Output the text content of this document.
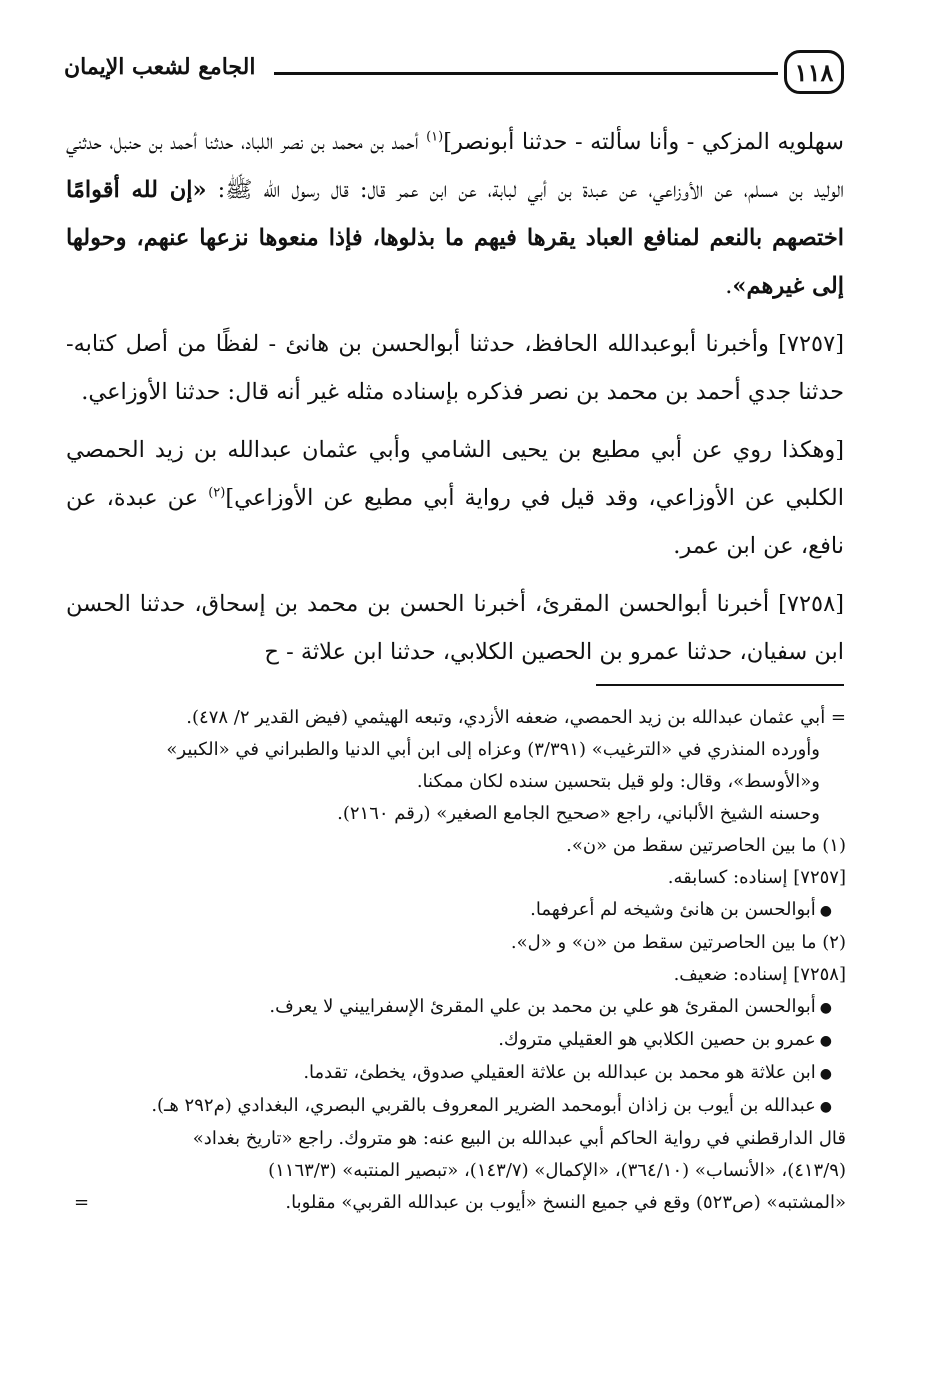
١١٨
الجامع لشعب الإيمان

سهلويه المزكي - وأنا سألته - حدثنا أبونصر]$^{(١)}$ أحمد بن محمد بن نصر اللباد، حدثنا أحمد بن حنبل، حدثني الوليد بن مسلم، عن الأوزاعي، عن عبدة بن أبي لبابة، عن ابن عمر قال: قال رسول الله ﷺ: «إن لله أقوامًا اختصهم بالنعم لمنافع العباد يقرها فيهم ما بذلوها، فإذا منعوها نزعها عنهم، وحولها إلى غيرهم».

[٧٢٥٧] وأخبرنا أبوعبدالله الحافظ، حدثنا أبوالحسن بن هانئ - لفظًا من أصل كتابه- حدثنا جدي أحمد بن محمد بن نصر فذكره بإسناده مثله غير أنه قال: حدثنا الأوزاعي.

[وهكذا روي عن أبي مطيع بن يحيى الشامي وأبي عثمان عبدالله بن زيد الحمصي الكلبي عن الأوزاعي، وقد قيل في رواية أبي مطيع عن الأوزاعي]$^{(٢)}$ عن عبدة، عن نافع، عن ابن عمر.

[٧٢٥٨] أخبرنا أبوالحسن المقرئ، أخبرنا الحسن بن محمد بن إسحاق، حدثنا الحسن ابن سفيان، حدثنا عمرو بن الحصين الكلابي، حدثنا ابن علاثة - ح

= أبي عثمان عبدالله بن زيد الحمصي، ضعفه الأزدي، وتبعه الهيثمي (فيض القدير ٢/ ٤٧٨).

وأورده المنذري في «الترغيب» (٣/٣٩١) وعزاه إلى ابن أبي الدنيا والطبراني في «الكبير»

و«الأوسط»، وقال: ولو قيل بتحسين سنده لكان ممكنا.

وحسنه الشيخ الألباني، راجع «صحيح الجامع الصغير» (رقم ٢١٦٠).

(١) ما بين الحاصرتين سقط من «ن».

[٧٢٥٧] إسناده: كسابقه.

●أبوالحسن بن هانئ وشيخه لم أعرفهما.

(٢) ما بين الحاصرتين سقط من «ن» و «ل».

[٧٢٥٨] إسناده: ضعيف.

●أبوالحسن المقرئ هو علي بن محمد بن علي المقرئ الإسفراييني لا يعرف.

●عمرو بن حصين الكلابي هو العقيلي متروك.

●ابن علاثة هو محمد بن عبدالله بن علاثة العقيلي صدوق، يخطئ، تقدما.

●عبدالله بن أيوب بن زاذان أبومحمد الضرير المعروف بالقربي البصري، البغدادي (م٢٩٢ هـ).

قال الدارقطني في رواية الحاكم أبي عبدالله بن البيع عنه: هو متروك. راجع «تاريخ بغداد»

(٤١٣/٩)، «الأنساب» (٣٦٤/١٠)، «الإكمال» (١٤٣/٧)، «تبصير المنتبه» (١١٦٣/٣)

«المشتبه» (ص٥٢٣) وقع في جميع النسخ «أيوب بن عبدالله القربي» مقلوبا.
=
